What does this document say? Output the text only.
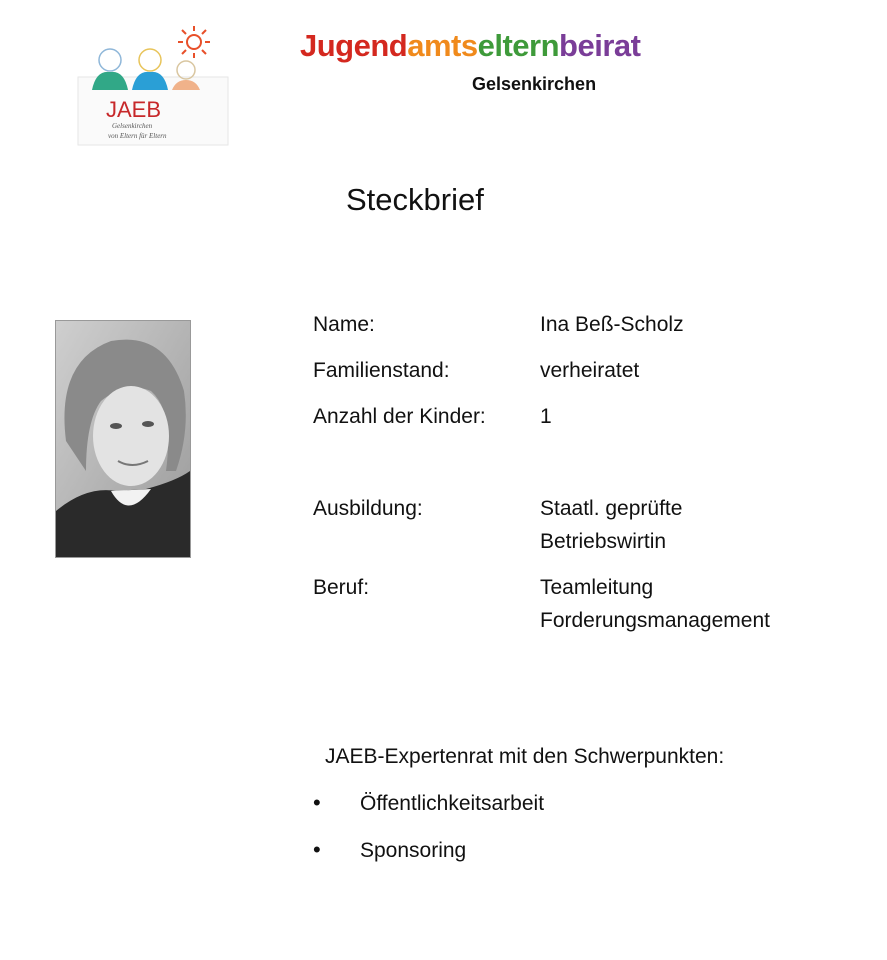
JAEB
Gelsenkirchen
von Eltern für Eltern
Jugendamtselternbeirat
Gelsenkirchen
Steckbrief
Name:	Ina Beß-Scholz
Familienstand:	verheiratet
Anzahl der Kinder:	1
Ausbildung:	Staatl. geprüfte
Betriebswirtin
Beruf:	Teamleitung
Forderungsmanagement
JAEB-Expertenrat mit den Schwerpunkten:
• Öffentlichkeitsarbeit
• Sponsoring
